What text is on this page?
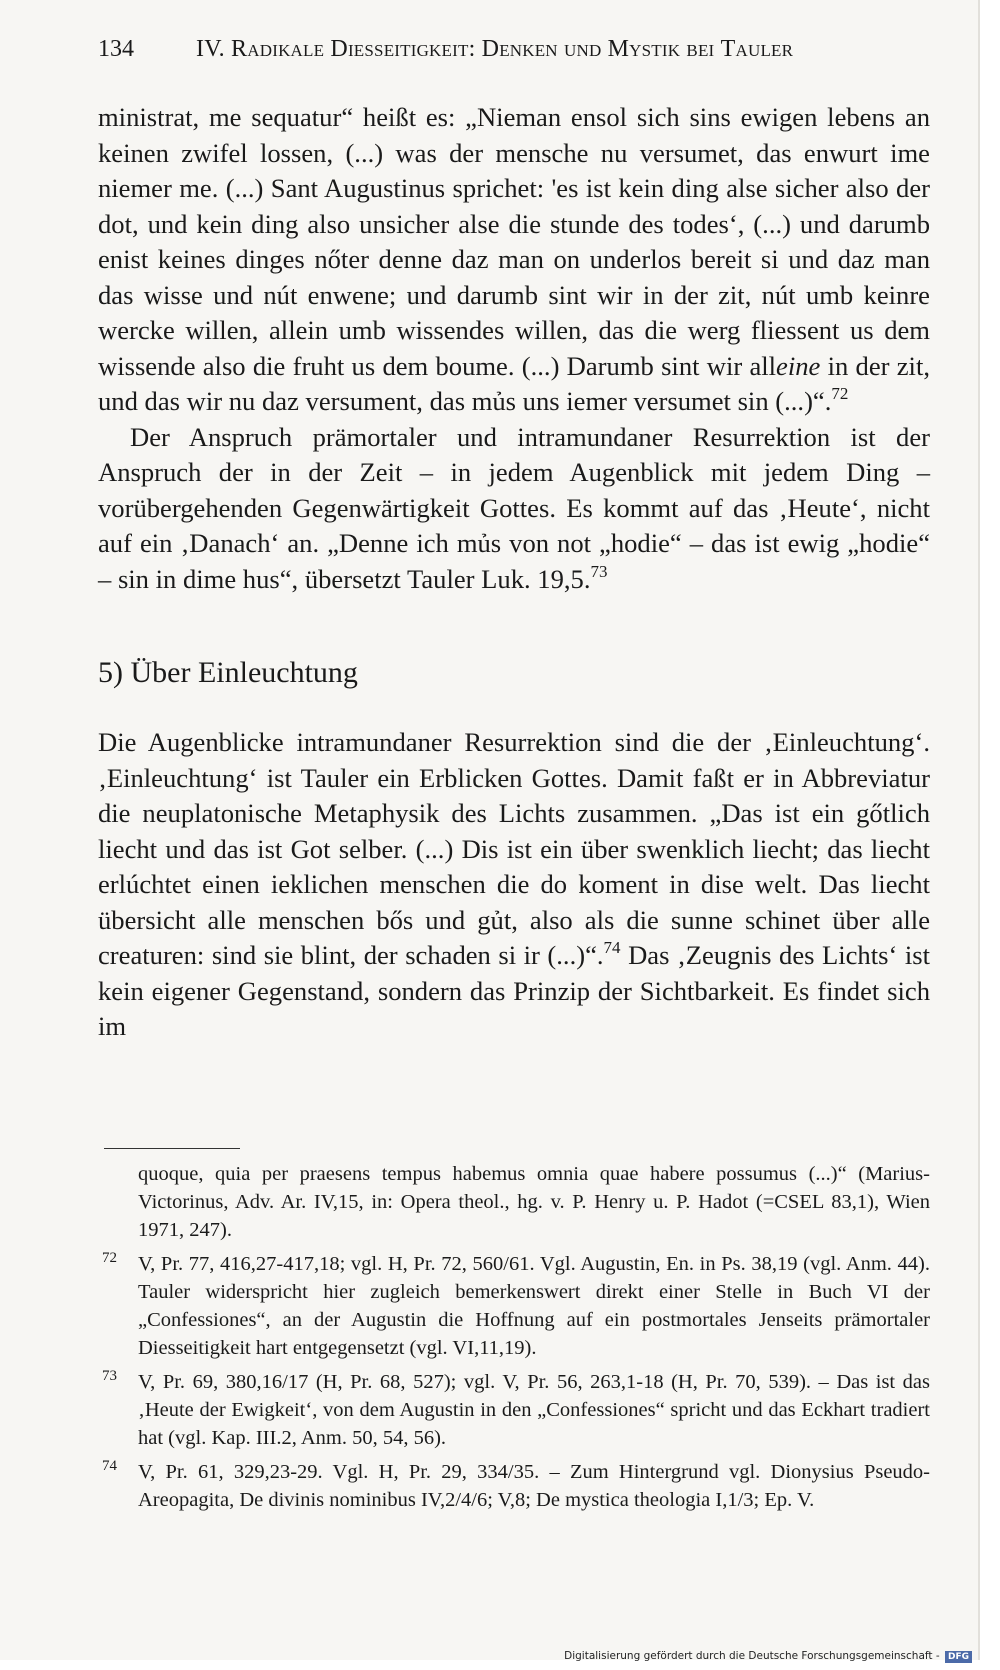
134	IV. Radikale Diesseitigkeit: Denken und Mystik bei Tauler

ministrat, me sequatur“ heißt es: „Nieman ensol sich sins ewigen lebens an keinen zwifel lossen, (...) was der mensche nu versumet, das enwurt ime niemer me. (...) Sant Augustinus sprichet: 'es ist kein ding alse sicher also der dot, und kein ding also unsicher alse die stunde des todes‘, (...) und darumb enist keines dinges nőter denne daz man on underlos bereit si und daz man das wisse und nút enwene; und darumb sint wir in der zit, nút umb keinre wercke willen, allein umb wissendes willen, das die werg fliessent us dem wissende also die fruht us dem boume. (...) Darumb sint wir alleine in der zit, und das wir nu daz versument, das mủs uns iemer versumet sin (...)“.$^{72}$

Der Anspruch prämortaler und intramundaner Resurrektion ist der Anspruch der in der Zeit – in jedem Augenblick mit jedem Ding – vorübergehenden Gegenwärtigkeit Gottes. Es kommt auf das ‚Heute‘, nicht auf ein ‚Danach‘ an. „Denne ich mủs von not „hodie“ – das ist ewig „hodie“ – sin in dime hus“, übersetzt Tauler Luk. 19,5.73

5) Über Einleuchtung

Die Augenblicke intramundaner Resurrektion sind die der ‚Einleuchtung‘. ‚Einleuchtung‘ ist Tauler ein Erblicken Gottes. Damit faßt er in Abbreviatur die neuplatonische Metaphysik des Lichts zusammen. „Das ist ein gőtlich liecht und das ist Got selber. (...) Dis ist ein über swenklich liecht; das liecht erlúchtet einen ieklichen menschen die do koment in dise welt. Das liecht übersicht alle menschen bős und gủt, also als die sunne schinet über alle creaturen: sind sie blint, der schaden si ir (...)“.$^{74}$ Das ‚Zeugnis des Lichts‘ ist kein eigener Gegenstand, sondern das Prinzip der Sichtbarkeit. Es findet sich im

quoque, quia per praesens tempus habemus omnia quae habere possumus (...)“ (Marius-Victorinus, Adv. Ar. IV,15, in: Opera theol., hg. v. P. Henry u. P. Hadot (=CSEL 83,1), Wien 1971, 247).

72 V, Pr. 77, 416,27-417,18; vgl. H, Pr. 72, 560/61. Vgl. Augustin, En. in Ps. 38,19 (vgl. Anm. 44). Tauler widerspricht hier zugleich bemerkenswert direkt einer Stelle in Buch VI der „Confessiones“, an der Augustin die Hoffnung auf ein postmortales Jenseits prämortaler Diesseitigkeit hart entgegensetzt (vgl. VI,11,19).

73 V, Pr. 69, 380,16/17 (H, Pr. 68, 527); vgl. V, Pr. 56, 263,1-18 (H, Pr. 70, 539). – Das ist das ‚Heute der Ewigkeit‘, von dem Augustin in den „Confessiones“ spricht und das Eckhart tradiert hat (vgl. Kap. III.2, Anm. 50, 54, 56).

74 V, Pr. 61, 329,23-29. Vgl. H, Pr. 29, 334/35. – Zum Hintergrund vgl. Dionysius Pseudo-Areopagita, De divinis nominibus IV,2/4/6; V,8; De mystica theologia I,1/3; Ep. V.

Digitalisierung gefördert durch die Deutsche Forschungsgemeinschaft - DFG
